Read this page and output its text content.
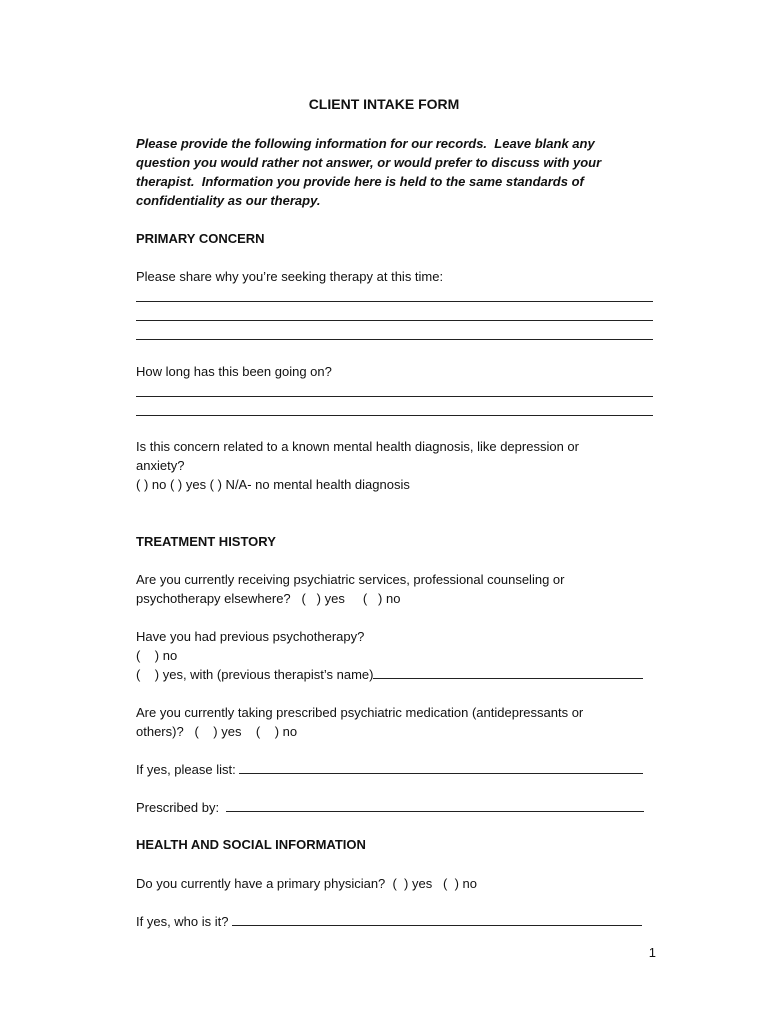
CLIENT INTAKE FORM
Please provide the following information for our records.  Leave blank any
question you would rather not answer, or would prefer to discuss with your
therapist.  Information you provide here is held to the same standards of
confidentiality as our therapy.
PRIMARY CONCERN
Please share why you’re seeking therapy at this time:
How long has this been going on?
Is this concern related to a known mental health diagnosis, like depression or
anxiety?
( ) no ( ) yes ( ) N/A- no mental health diagnosis
TREATMENT HISTORY
Are you currently receiving psychiatric services, professional counseling or
psychotherapy elsewhere?   (   ) yes     (   ) no
Have you had previous psychotherapy?
(    ) no
(    ) yes, with (previous therapist’s name)
Are you currently taking prescribed psychiatric medication (antidepressants or
others)?   (    ) yes    (    ) no
If yes, please list:
Prescribed by:
HEALTH AND SOCIAL INFORMATION
Do you currently have a primary physician?  (  ) yes   (  ) no
If yes, who is it?
1
